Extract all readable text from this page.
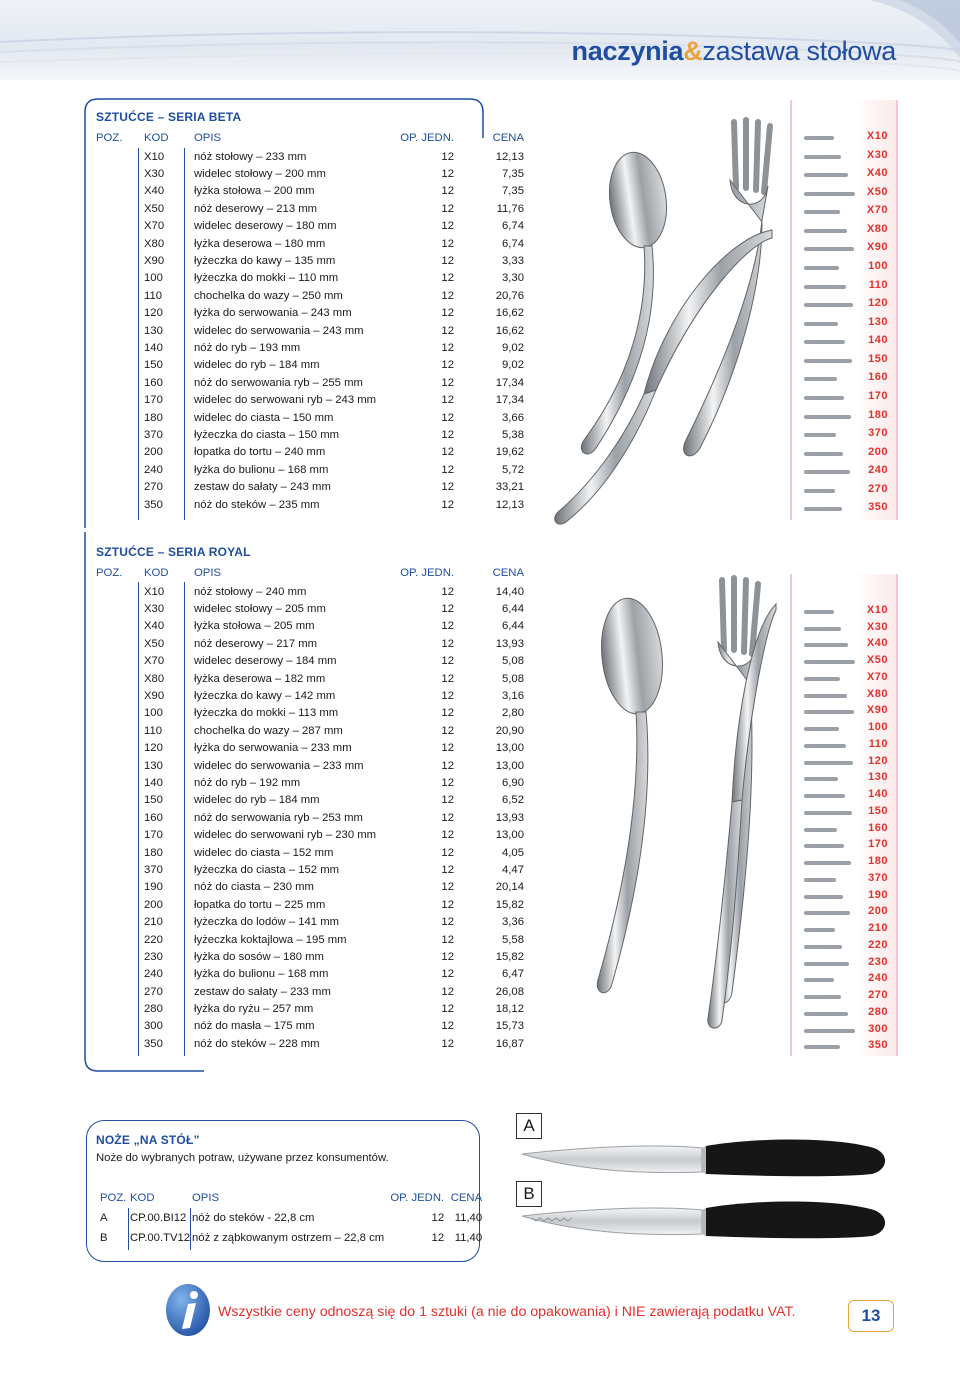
naczynia&zastawa stołowa
SZTUĆCE – SERIA BETA
POZ.	KOD	OPIS	OP. JEDN.	CENA
	X10	nóż stołowy – 233 mm	12	12,13
	X30	widelec stołowy – 200 mm	12	7,35
	X40	łyżka stołowa – 200 mm	12	7,35
	X50	nóż deserowy – 213 mm	12	11,76
	X70	widelec deserowy – 180 mm	12	6,74
	X80	łyżka deserowa – 180 mm	12	6,74
	X90	łyżeczka do kawy – 135 mm	12	3,33
	100	łyżeczka do mokki – 110 mm	12	3,30
	110	chochelka do wazy – 250 mm	12	20,76
	120	łyżka do serwowania – 243 mm	12	16,62
	130	widelec do serwowania – 243 mm	12	16,62
	140	nóż do ryb – 193 mm	12	9,02
	150	widelec do ryb – 184 mm	12	9,02
	160	nóż do serwowania ryb – 255 mm	12	17,34
	170	widelec do serwowani ryb – 243 mm	12	17,34
	180	widelec do ciasta – 150 mm	12	3,66
	370	łyżeczka do ciasta – 150 mm	12	5,38
	200	łopatka do tortu – 240 mm	12	19,62
	240	łyżka do bulionu – 168 mm	12	5,72
	270	zestaw do sałaty – 243 mm	12	33,21
	350	nóż do steków – 235 mm	12	12,13
X10
X30
X40
X50
X70
X80
X90
100
110
120
130
140
150
160
170
180
370
200
240
270
350
SZTUĆCE – SERIA ROYAL
POZ.	KOD	OPIS	OP. JEDN.	CENA
	X10	nóż stołowy – 240 mm	12	14,40
	X30	widelec stołowy – 205 mm	12	6,44
	X40	łyżka stołowa – 205 mm	12	6,44
	X50	nóż deserowy – 217 mm	12	13,93
	X70	widelec deserowy – 184 mm	12	5,08
	X80	łyżka deserowa – 182 mm	12	5,08
	X90	łyżeczka do kawy – 142 mm	12	3,16
	100	łyżeczka do mokki – 113 mm	12	2,80
	110	chochelka do wazy – 287 mm	12	20,90
	120	łyżka do serwowania – 233 mm	12	13,00
	130	widelec do serwowania – 233 mm	12	13,00
	140	nóż do ryb – 192 mm	12	6,90
	150	widelec do ryb – 184 mm	12	6,52
	160	nóż do serwowania ryb – 253 mm	12	13,93
	170	widelec do serwowani ryb – 230 mm	12	13,00
	180	widelec do ciasta – 152 mm	12	4,05
	370	łyżeczka do ciasta – 152 mm	12	4,47
	190	nóż do ciasta – 230 mm	12	20,14
	200	łopatka do tortu – 225 mm	12	15,82
	210	łyżeczka do lodów – 141 mm	12	3,36
	220	łyżeczka koktajlowa – 195 mm	12	5,58
	230	łyżka do sosów – 180 mm	12	15,82
	240	łyżka do bulionu – 168 mm	12	6,47
	270	zestaw do sałaty – 233 mm	12	26,08
	280	łyżka do ryżu – 257 mm	12	18,12
	300	nóż do masła – 175 mm	12	15,73
	350	nóż do steków – 228 mm	12	16,87
X10
X30
X40
X50
X70
X80
X90
100
110
120
130
140
150
160
170
180
370
190
200
210
220
230
240
270
280
300
350
NOŻE „NA STÓŁ”
Noże do wybranych potraw, używane przez konsumentów.
POZ.	KOD	OPIS	OP. JEDN.	CENA
A	CP.00.BI12	nóż do steków - 22,8 cm	12	11,40
B	CP.00.TV12	nóż z ząbkowanym ostrzem – 22,8 cm	12	11,40
A
B
Wszystkie ceny odnoszą się do 1 sztuki (a nie do opakowania) i NIE zawierają podatku VAT.	13
